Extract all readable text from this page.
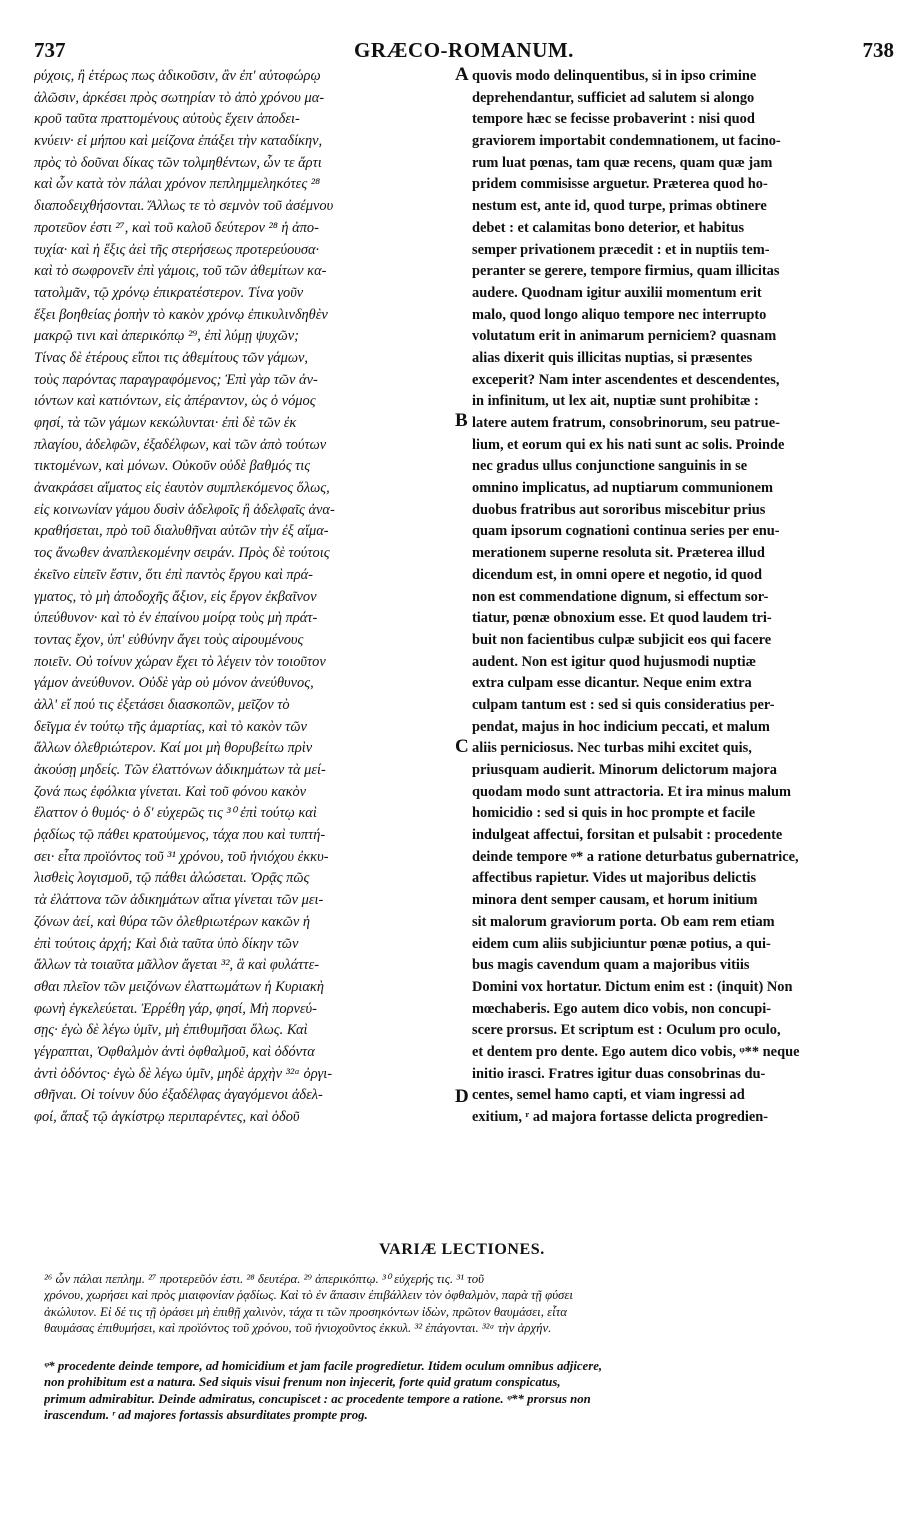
737	GRÆCO-ROMANUM.	738
ρύχοις, ἢ ἑτέρως πως ἀδικοῦσιν, ἂν ἐπ' αὐτοφώρῳ
ἁλῶσιν, ἀρκέσει πρὸς σωτηρίαν τὸ ἀπὸ χρόνου μα-
κροῦ ταῦτα πραττομένους αὐτοὺς ἔχειν ἀποδει-
κνύειν· εἰ μήπου καὶ μείζονα ἐπάξει τὴν καταδίκην,
πρὸς τὸ δοῦναι δίκας τῶν τολμηθέντων, ὧν τε ἄρτι
καὶ ὧν κατὰ τὸν πάλαι χρόνον πεπλημμεληκότες ²⁸
διαποδειχθήσονται. Ἄλλως τε τὸ σεμνὸν τοῦ ἀσέμνου
προτεῦον ἐστι ²⁷, καὶ τοῦ καλοῦ δεύτερον ²⁸ ἡ ἀπο-
τυχία· καὶ ἡ ἕξις ἀεὶ τῆς στερήσεως προτερεύουσα·
καὶ τὸ σωφρονεῖν ἐπὶ γάμοις, τοῦ τῶν ἀθεμίτων κα-
τατολμᾶν, τῷ χρόνῳ ἐπικρατέστερον. Τίνα γοῦν
ἕξει βοηθείας ῥοπὴν τὸ κακὸν χρόνῳ ἐπικυλινδηθὲν
μακρῷ τινι καὶ ἀπερικόπῳ ²⁹, ἐπὶ λύμῃ ψυχῶν;
Τίνας δὲ ἑτέρους εἴποι τις ἀθεμίτους τῶν γάμων,
τοὺς παρόντας παραγραφόμενος; Ἐπὶ γὰρ τῶν ἀν-
ιόντων καὶ κατιόντων, εἰς ἀπέραντον, ὡς ὁ νόμος
φησί, τὰ τῶν γάμων κεκώλυνται· ἐπὶ δὲ τῶν ἐκ
πλαγίου, ἀδελφῶν, ἐξαδέλφων, καὶ τῶν ἀπὸ τούτων
τικτομένων, καὶ μόνων. Οὐκοῦν οὐδὲ βαθμός τις
ἀνακράσει αἵματος εἰς ἑαυτὸν συμπλεκόμενος ὅλως,
εἰς κοινωνίαν γάμου δυσὶν ἀδελφοῖς ἢ ἀδελφαῖς ἀνα-
κραθήσεται, πρὸ τοῦ διαλυθῆναι αὐτῶν τὴν ἐξ αἵμα-
τος ἄνωθεν ἀναπλεκομένην σειράν. Πρὸς δὲ τούτοις
ἐκεῖνο εἰπεῖν ἔστιν, ὅτι ἐπὶ παντὸς ἔργου καὶ πρά-
γματος, τὸ μὴ ἀποδοχῆς ἄξιον, εἰς ἔργον ἐκβαῖνον
ὑπεύθυνον· καὶ τὸ ἐν ἐπαίνου μοίρᾳ τοὺς μὴ πράτ-
τοντας ἔχον, ὑπ' εὐθύνην ἄγει τοὺς αἱρουμένους
ποιεῖν. Οὐ τοίνυν χώραν ἔχει τὸ λέγειν τὸν τοιοῦτον
γάμον ἀνεύθυνον. Οὐδὲ γὰρ οὐ μόνον ἀνεύθυνος,
ἀλλ' εἴ πού τις ἐξετάσει διασκοπῶν, μεῖζον τὸ
δεῖγμα ἐν τούτῳ τῆς ἁμαρτίας, καὶ τὸ κακὸν τῶν
ἄλλων ὀλεθριώτερον. Καί μοι μὴ θορυβείτω πρὶν
ἀκούσῃ μηδείς. Τῶν ἐλαττόνων ἀδικημάτων τὰ μεί-
ζονά πως ἐφόλκια γίνεται. Καὶ τοῦ φόνου κακὸν
ἔλαττον ὁ θυμός· ὁ δ' εὐχερῶς τις ³⁰ ἐπὶ τούτῳ καὶ
ῥᾳδίως τῷ πάθει κρατούμενος, τάχα που καὶ τυπτή-
σει· εἶτα προϊόντος τοῦ ³¹ χρόνου, τοῦ ἡνιόχου ἐκκυ-
λισθεὶς λογισμοῦ, τῷ πάθει ἁλώσεται. Ὁρᾷς πῶς
τὰ ἐλάττονα τῶν ἀδικημάτων αἴτια γίνεται τῶν μει-
ζόνων ἀεί, καὶ θύρα τῶν ὀλεθριωτέρων κακῶν ἡ
ἐπὶ τούτοις ἀρχή; Καὶ διὰ ταῦτα ὑπὸ δίκην τῶν
ἄλλων τὰ τοιαῦτα μᾶλλον ἄγεται ³², ἃ καὶ φυλάττε-
σθαι πλεῖον τῶν μειζόνων ἐλαττωμάτων ἡ Κυριακὴ
φωνὴ ἐγκελεύεται. Ἐρρέθη γάρ, φησί, Μὴ πορνεύ-
σῃς· ἐγὼ δὲ λέγω ὑμῖν, μὴ ἐπιθυμῆσαι ὅλως. Καὶ
γέγραπται, Ὀφθαλμὸν ἀντὶ ὀφθαλμοῦ, καὶ ὀδόντα
ἀντὶ ὀδόντος· ἐγὼ δὲ λέγω ὑμῖν, μηδὲ ἀρχὴν ³²ᵃ ὀργι-
σθῆναι. Οἱ τοίνυν δύο ἐξαδέλφας ἀγαγόμενοι ἀδελ-
φοί, ἅπαξ τῷ ἀγκίστρῳ περιπαρέντες, καὶ ὁδοῦ
quovis modo delinquentibus, si in ipso crimine
deprehendantur, sufficiet ad salutem si alongo
tempore hæc se fecisse probaverint : nisi quod
graviorem importabit condemnationem, ut facino-
rum luat pœnas, tam quæ recens, quam quæ jam
pridem commisisse arguetur. Præterea quod ho-
nestum est, ante id, quod turpe, primas obtinere
debet : et calamitas bono deterior, et habitus
semper privationem præcedit : et in nuptiis tem-
peranter se gerere, tempore firmius, quam illicitas
audere. Quodnam igitur auxilii momentum erit
malo, quod longo aliquo tempore nec interrupto
volutatum erit in animarum perniciem? quasnam
alias dixerit quis illicitas nuptias, si præsentes
exceperit? Nam inter ascendentes et descendentes,
in infinitum, ut lex ait, nuptiæ sunt prohibitæ :
latere autem fratrum, consobrinorum, seu patrue-
lium, et eorum qui ex his nati sunt ac solis. Proinde
nec gradus ullus conjunctione sanguinis in se
omnino implicatus, ad nuptiarum communionem
duobus fratribus aut sororibus miscebitur prius
quam ipsorum cognationi continua series per enu-
merationem superne resoluta sit. Præterea illud
dicendum est, in omni opere et negotio, id quod
non est commendatione dignum, si effectum sor-
tiatur, pœnæ obnoxium esse. Et quod laudem tri-
buit non facientibus culpæ subjicit eos qui facere
audent. Non est igitur quod hujusmodi nuptiæ
extra culpam esse dicantur. Neque enim extra
culpam tantum est : sed si quis consideratius per-
pendat, majus in hoc indicium peccati, et malum
aliis perniciosus. Nec turbas mihi excitet quis,
priusquam audierit. Minorum delictorum majora
quodam modo sunt attractoria. Et ira minus malum
homicidio : sed si quis in hoc prompte et facile
indulgeat affectui, forsitan et pulsabit : procedente
deinde tempore ᵠ* a ratione deturbatus gubernatrice,
affectibus rapietur. Vides ut majoribus delictis
minora dent semper causam, et horum initium
sit malorum graviorum porta. Ob eam rem etiam
eidem cum aliis subjiciuntur pœnæ potius, a qui-
bus magis cavendum quam a majoribus vitiis
Domini vox hortatur. Dictum enim est : (inquit) Non
mœchaberis. Ego autem dico vobis, non concupi-
scere prorsus. Et scriptum est : Oculum pro oculo,
et dentem pro dente. Ego autem dico vobis, ᵠ** neque
initio irasci. Fratres igitur duas consobrinas du-
centes, semel hamo capti, et viam ingressi ad
exitium, ʳ ad majora fortasse delicta progredien-
A
B
C
D
VARIÆ LECTIONES.
²⁶ ὧν πάλαι πεπλημ. ²⁷ προτερεῦόν ἐστι. ²⁸ δευτέρα. ²⁹ ἀπερικόπτῳ. ³⁰ εὐχερής τις. ³¹ τοῦ
χρόνου, χωρήσει καὶ πρὸς μιαιφονίαν ῥᾳδίως. Καὶ τὸ ἐν ἅπασιν ἐπιβάλλειν τὸν ὀφθαλμὸν, παρὰ τῇ φύσει
ἀκώλυτον. Εἰ δέ τις τῇ ὁράσει μὴ ἐπιθῇ χαλινὸν, τάχα τι τῶν προσηκόντων ἰδὼν, πρῶτον θαυμάσει, εἶτα
θαυμάσας ἐπιθυμήσει, καὶ προϊόντος τοῦ χρόνου, τοῦ ἡνιοχοῦντος ἐκκυλ. ³² ἐπάγονται. ³²ᵃ τὴν ἀρχήν.
ᵠ* procedente deinde tempore, ad homicidium et jam facile progredietur. Itidem oculum omnibus adjicere,
non prohibitum est a natura. Sed siquis visui frenum non injecerit, forte quid gratum conspicatus,
primum admirabitur. Deinde admiratus, concupiscet : ac procedente tempore a ratione. ᵠ** prorsus non
irascendum. ʳ ad majores fortassis absurditates prompte prog.
